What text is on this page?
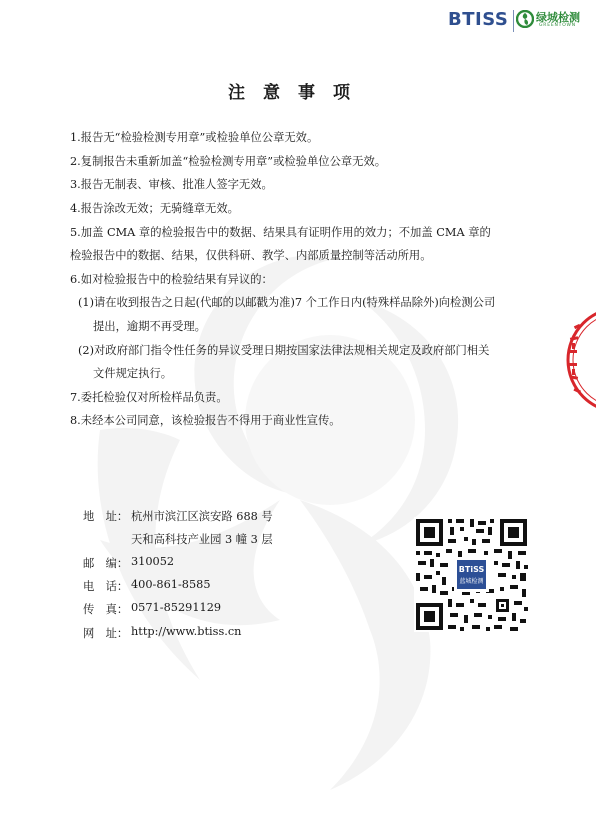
BTISS	绿城检测
GREENTOWN
注意事项
1.报告无“检验检测专用章”或检验单位公章无效。
2.复制报告未重新加盖“检验检测专用章”或检验单位公章无效。
3.报告无制表、审核、批准人签字无效。
4.报告涂改无效；无骑缝章无效。
5.加盖 CMA 章的检验报告中的数据、结果具有证明作用的效力；不加盖 CMA 章的
检验报告中的数据、结果，仅供科研、教学、内部质量控制等活动所用。
6.如对检验报告中的检验结果有异议的：
(1)请在收到报告之日起(代邮的以邮戳为准)7 个工作日内(特殊样品除外)向检测公司
提出，逾期不再受理。
(2)对政府部门指令性任务的异议受理日期按国家法律法规相关规定及政府部门相关
文件规定执行。
7.委托检验仅对所检样品负责。
8.未经本公司同意，该检验报告不得用于商业性宣传。
地　址： 杭州市滨江区滨安路 688 号
天和高科技产业园 3 幢 3 层
邮　编： 310052
电　话： 400-861-8585
传　真： 0571-85291129
网　址： http://www.btiss.cn
BTiSS
蓝城检测
